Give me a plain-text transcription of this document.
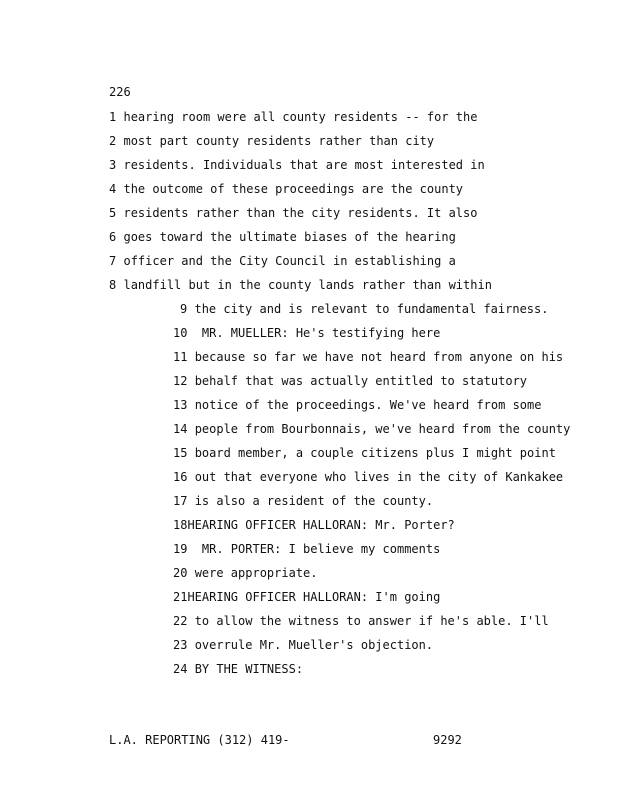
226
1 hearing room were all county residents -- for the
2 most part county residents rather than city
3 residents. Individuals that are most interested in
4 the outcome of these proceedings are the county
5 residents rather than the city residents. It also
6 goes toward the ultimate biases of the hearing
7 officer and the City Council in establishing a
8 landfill but in the county lands rather than within
9 the city and is relevant to fundamental fairness.
10 MR. MUELLER: He's testifying here
11 because so far we have not heard from anyone on his
12 behalf that was actually entitled to statutory
13 notice of the proceedings. We've heard from some
14 people from Bourbonnais, we've heard from the county
15 board member, a couple citizens plus I might point
16 out that everyone who lives in the city of Kankakee
17 is also a resident of the county.
18HEARING OFFICER HALLORAN: Mr. Porter?
19 MR. PORTER: I believe my comments
20 were appropriate.
21HEARING OFFICER HALLORAN: I'm going
22 to allow the witness to answer if he's able. I'll
23 overrule Mr. Mueller's objection.
24 BY THE WITNESS:
L.A. REPORTING (312) 419-	9292
